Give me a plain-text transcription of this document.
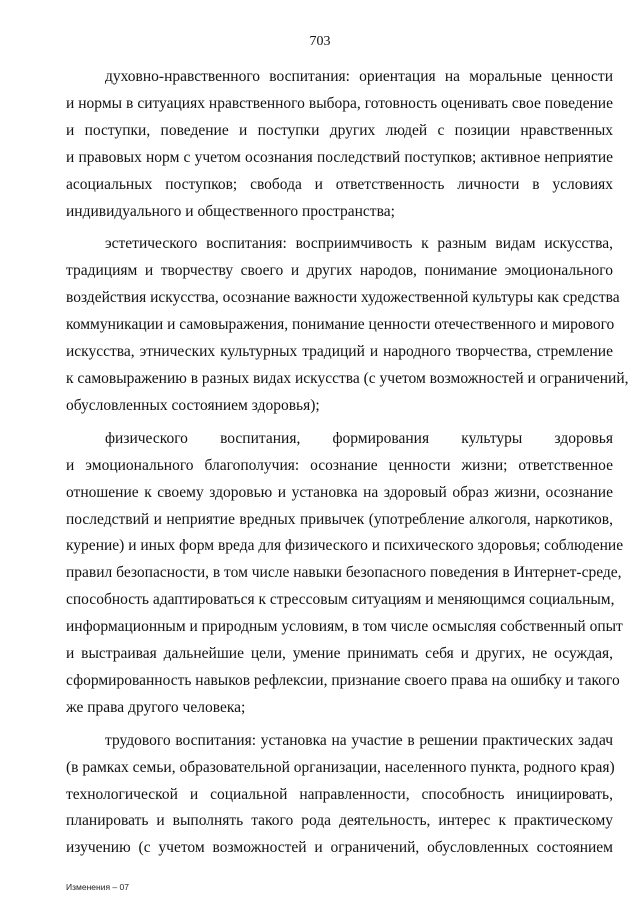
703
духовно-нравственного воспитания: ориентация на моральные ценности
и нормы в ситуациях нравственного выбора, готовность оценивать свое поведение
и поступки, поведение и поступки других людей с позиции нравственных
и правовых норм с учетом осознания последствий поступков; активное неприятие
асоциальных поступков; свобода и ответственность личности в условиях
индивидуального и общественного пространства;
эстетического воспитания: восприимчивость к разным видам искусства,
традициям и творчеству своего и других народов, понимание эмоционального
воздействия искусства, осознание важности художественной культуры как средства
коммуникации и самовыражения, понимание ценности отечественного и мирового
искусства, этнических культурных традиций и народного творчества, стремление
к самовыражению в разных видах искусства (с учетом возможностей и ограничений,
обусловленных состоянием здоровья);
физического воспитания, формирования культуры здоровья
и эмоционального благополучия: осознание ценности жизни; ответственное
отношение к своему здоровью и установка на здоровый образ жизни, осознание
последствий и неприятие вредных привычек (употребление алкоголя, наркотиков,
курение) и иных форм вреда для физического и психического здоровья; соблюдение
правил безопасности, в том числе навыки безопасного поведения в Интернет-среде,
способность адаптироваться к стрессовым ситуациям и меняющимся социальным,
информационным и природным условиям, в том числе осмысляя собственный опыт
и выстраивая дальнейшие цели, умение принимать себя и других, не осуждая,
сформированность навыков рефлексии, признание своего права на ошибку и такого
же права другого человека;
трудового воспитания: установка на участие в решении практических задач
(в рамках семьи, образовательной организации, населенного пункта, родного края)
технологической и социальной направленности, способность инициировать,
планировать и выполнять такого рода деятельность, интерес к практическому
изучению (с учетом возможностей и ограничений, обусловленных состоянием
Изменения – 07
